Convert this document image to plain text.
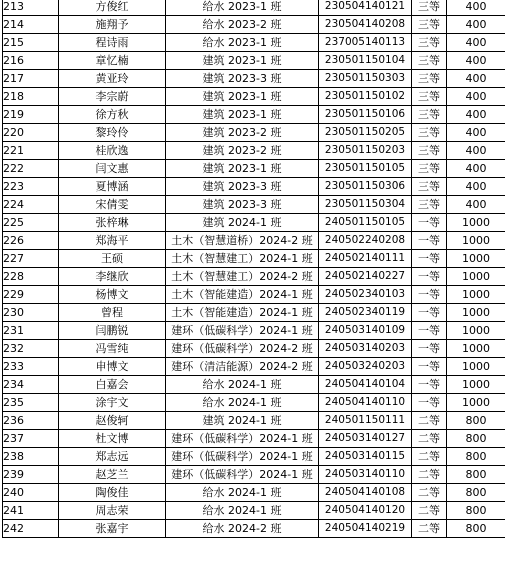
213	方俊红	给水 2023-1 班	230504140121	三等	400
214	施翔予	给水 2023-2 班	230504140208	三等	400
215	程诗雨	给水 2023-1 班	237005140113	三等	400
216	章忆楠	建筑 2023-1 班	230501150104	三等	400
217	黄亚玲	建筑 2023-3 班	230501150303	三等	400
218	李宗蔚	建筑 2023-1 班	230501150102	三等	400
219	徐方秋	建筑 2023-1 班	230501150106	三等	400
220	黎玲伶	建筑 2023-2 班	230501150205	三等	400
221	桂欣逸	建筑 2023-2 班	230501150203	三等	400
222	闫文惠	建筑 2023-1 班	230501150105	三等	400
223	夏博涵	建筑 2023-3 班	230501150306	三等	400
224	宋倩雯	建筑 2023-3 班	230501150304	三等	400
225	张梓琳	建筑 2024-1 班	240501150105	一等	1000
226	郑海平	土木（智慧道桥）2024-2 班	240502240208	一等	1000
227	王硕	土木（智慧建工）2024-1 班	240502140111	一等	1000
228	李继欣	土木（智慧建工）2024-2 班	240502140227	一等	1000
229	杨博文	土木（智能建造）2024-1 班	240502340103	一等	1000
230	曾程	土木（智能建造）2024-1 班	240502340119	一等	1000
231	闫鹏锐	建环（低碳科学）2024-1 班	240503140109	一等	1000
232	冯雪纯	建环（低碳科学）2024-2 班	240503140203	一等	1000
233	申博文	建环（清洁能源）2024-2 班	240503240203	一等	1000
234	白嘉会	给水 2024-1 班	240504140104	一等	1000
235	涂宇文	给水 2024-1 班	240504140110	一等	1000
236	赵俊轲	建筑 2024-1 班	240501150111	二等	800
237	杜文博	建环（低碳科学）2024-1 班	240503140127	二等	800
238	郑志远	建环（低碳科学）2024-1 班	240503140115	二等	800
239	赵芝兰	建环（低碳科学）2024-1 班	240503140110	二等	800
240	陶俊佳	给水 2024-1 班	240504140108	二等	800
241	周志荣	给水 2024-1 班	240504140120	二等	800
242	张嘉宇	给水 2024-2 班	240504140219	二等	800
